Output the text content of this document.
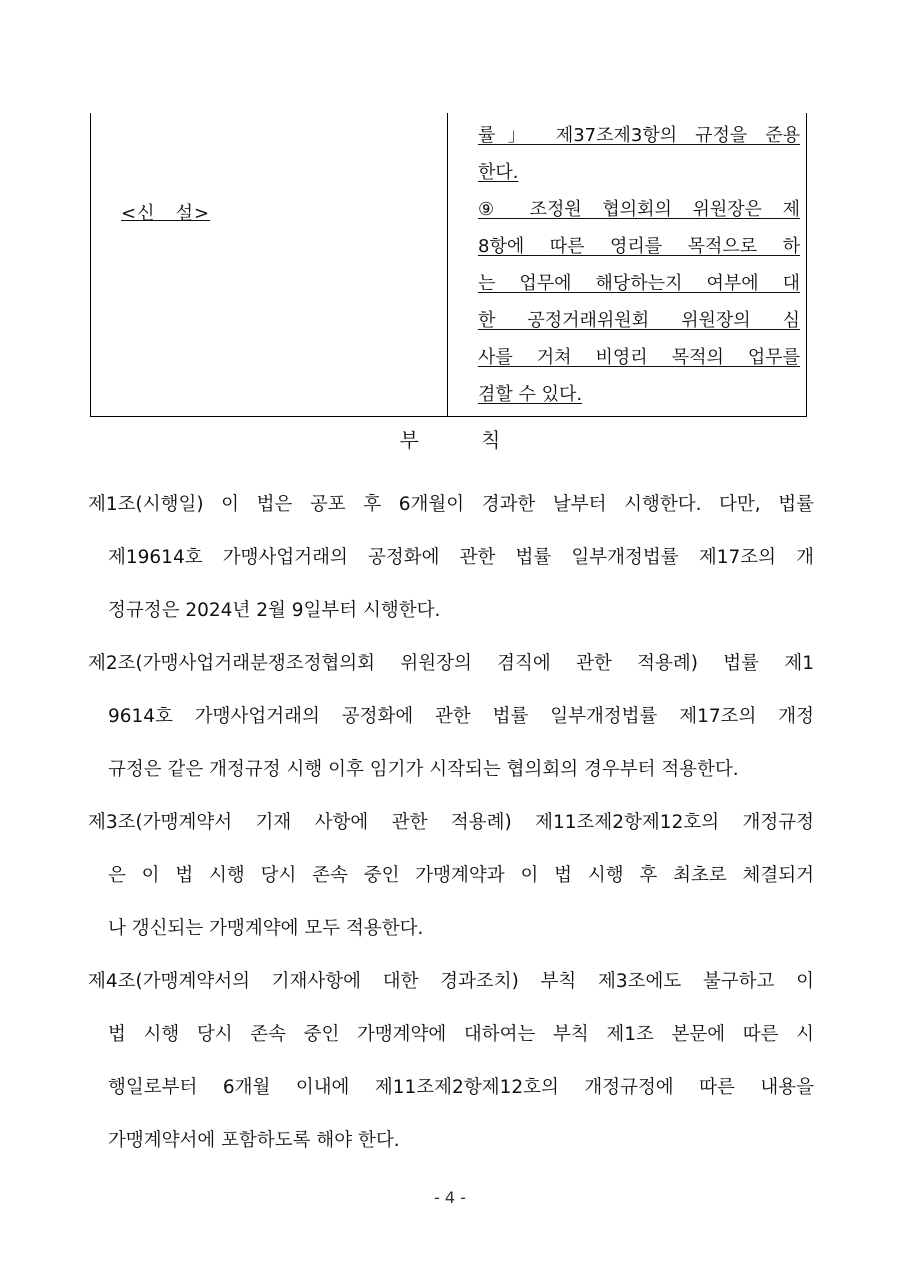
<신   설>
률」 제37조제3항의 규정을 준용
한다.
⑨ 조정원 협의회의 위원장은 제
8항에 따른 영리를 목적으로 하
는 업무에 해당하는지 여부에 대
한 공정거래위원회 위원장의 심
사를 거쳐 비영리 목적의 업무를
겸할 수 있다.
부	칙
제1조(시행일) 이 법은 공포 후 6개월이 경과한 날부터 시행한다. 다만, 법률
제19614호 가맹사업거래의 공정화에 관한 법률 일부개정법률 제17조의 개
정규정은 2024년 2월 9일부터 시행한다.
제2조(가맹사업거래분쟁조정협의회 위원장의 겸직에 관한 적용례) 법률 제1
9614호 가맹사업거래의 공정화에 관한 법률 일부개정법률 제17조의 개정
규정은 같은 개정규정 시행 이후 임기가 시작되는 협의회의 경우부터 적용한다.
제3조(가맹계약서 기재 사항에 관한 적용례) 제11조제2항제12호의 개정규정
은 이 법 시행 당시 존속 중인 가맹계약과 이 법 시행 후 최초로 체결되거
나 갱신되는 가맹계약에 모두 적용한다.
제4조(가맹계약서의 기재사항에 대한 경과조치) 부칙 제3조에도 불구하고 이
법 시행 당시 존속 중인 가맹계약에 대하여는 부칙 제1조 본문에 따른 시
행일로부터 6개월 이내에 제11조제2항제12호의 개정규정에 따른 내용을
가맹계약서에 포함하도록 해야 한다.
- 4 -
